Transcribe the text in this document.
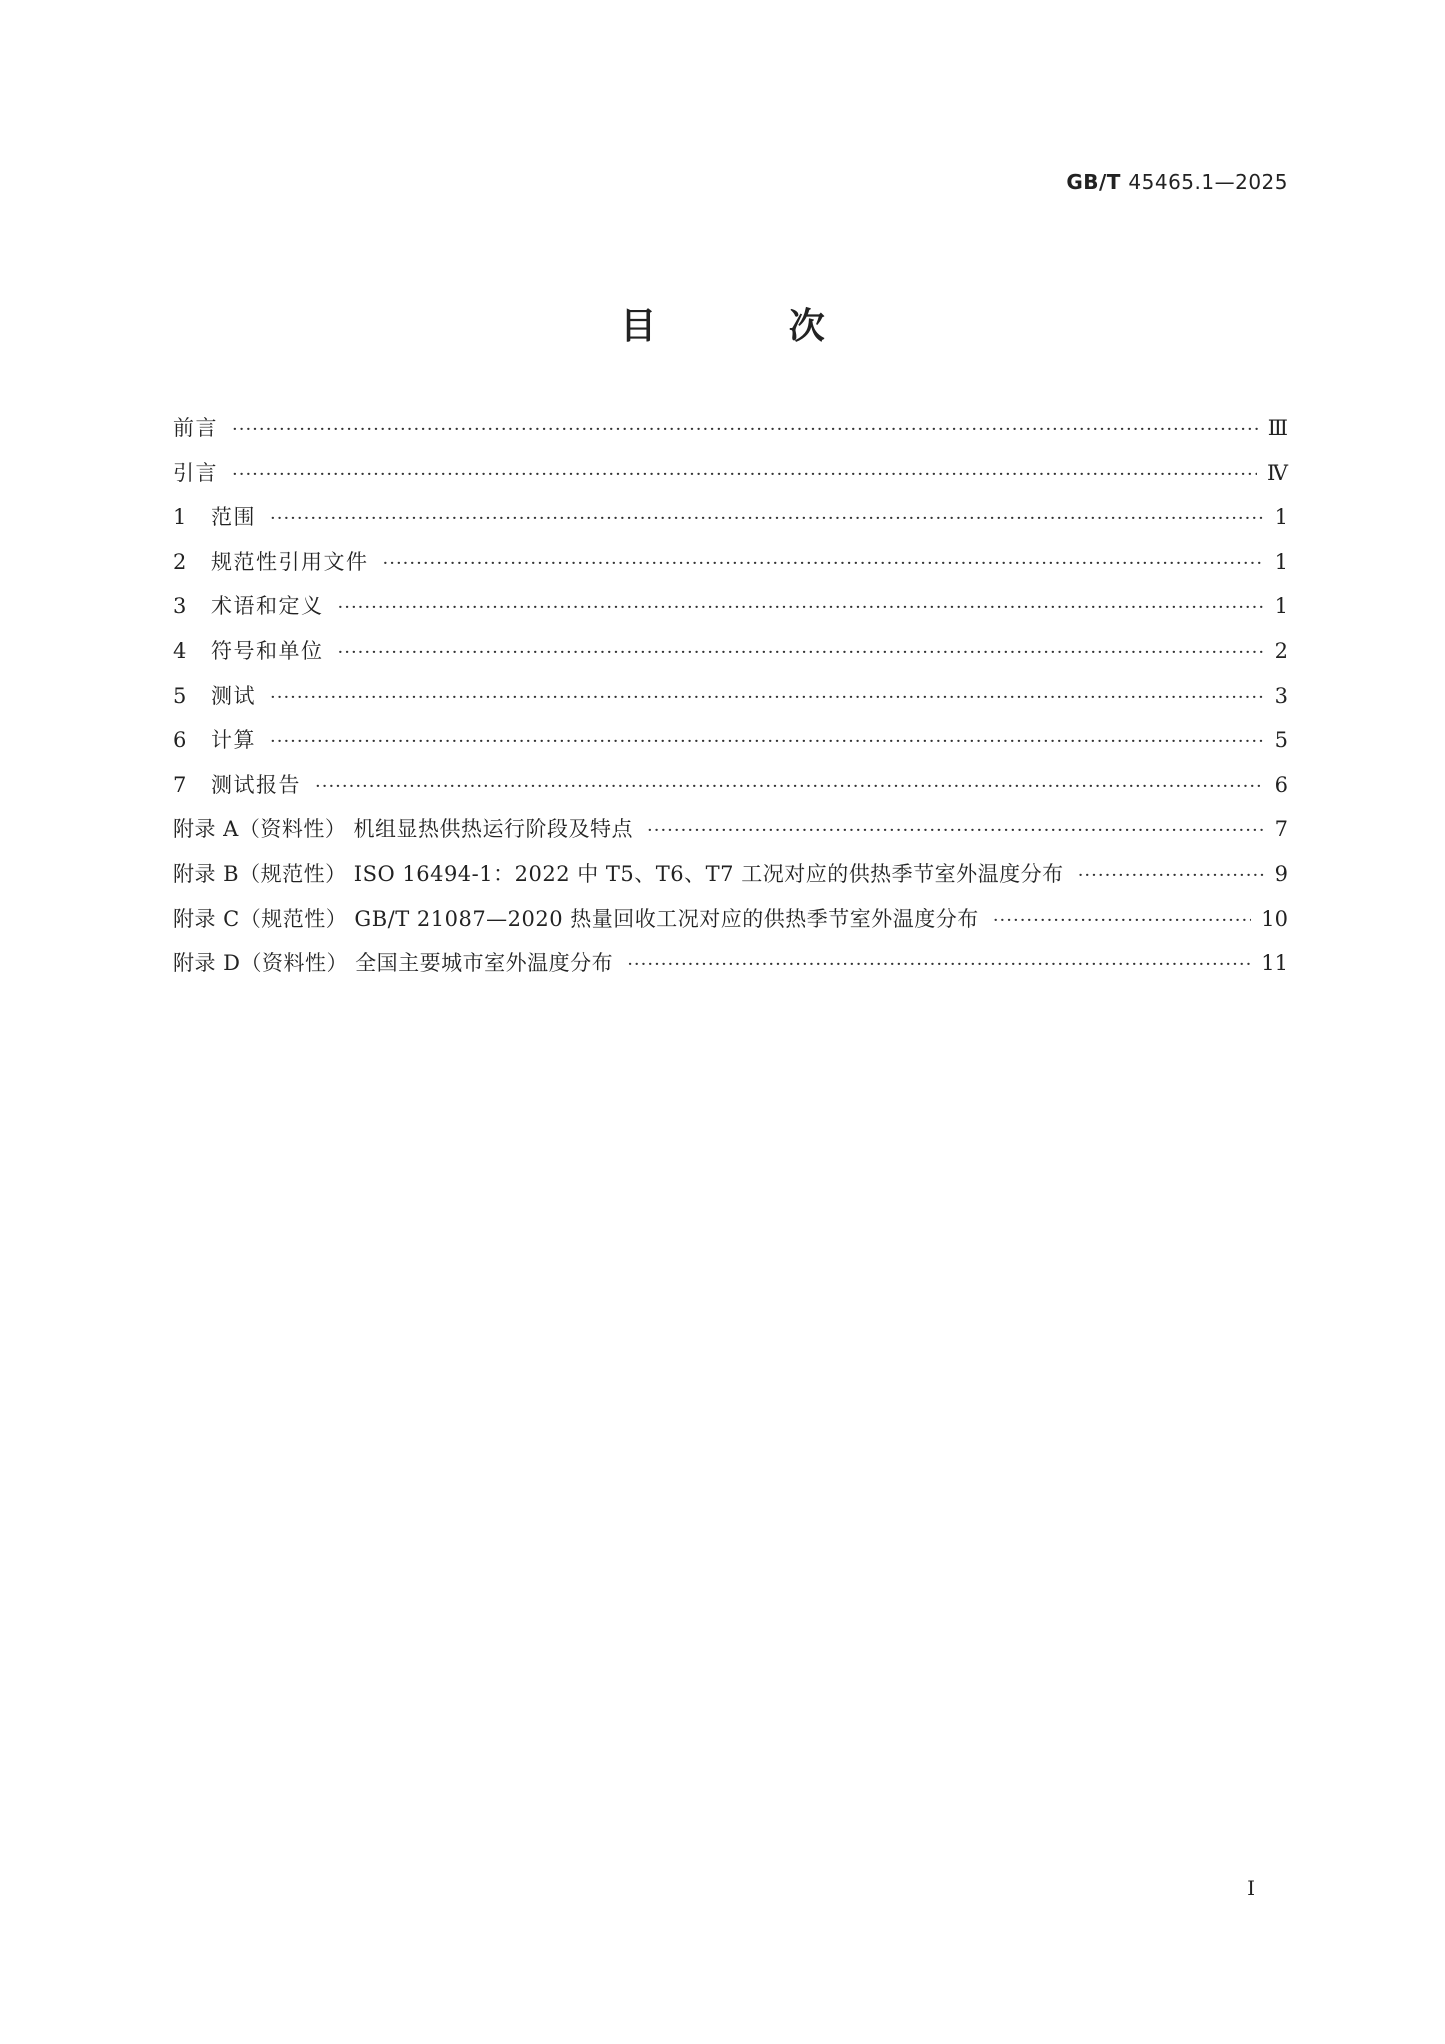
GB/T 45465.1—2025
目 次
前言 ·····	Ⅲ
引言 ·····	Ⅳ
1	范围 ·····	1
2	规范性引用文件 ·····	1
3	术语和定义 ·····	1
4	符号和单位 ·····	2
5	测试 ·····	3
6	计算 ·····	5
7	测试报告 ·····	6
附录 A（资料性） 机组显热供热运行阶段及特点 ·····	7
附录 B（规范性） ISO 16494-1：2022 中 T5、T6、T7 工况对应的供热季节室外温度分布 ·····	9
附录 C（规范性） GB/T 21087—2020 热量回收工况对应的供热季节室外温度分布 ·····	10
附录 D（资料性） 全国主要城市室外温度分布 ·····	11
Ⅰ
